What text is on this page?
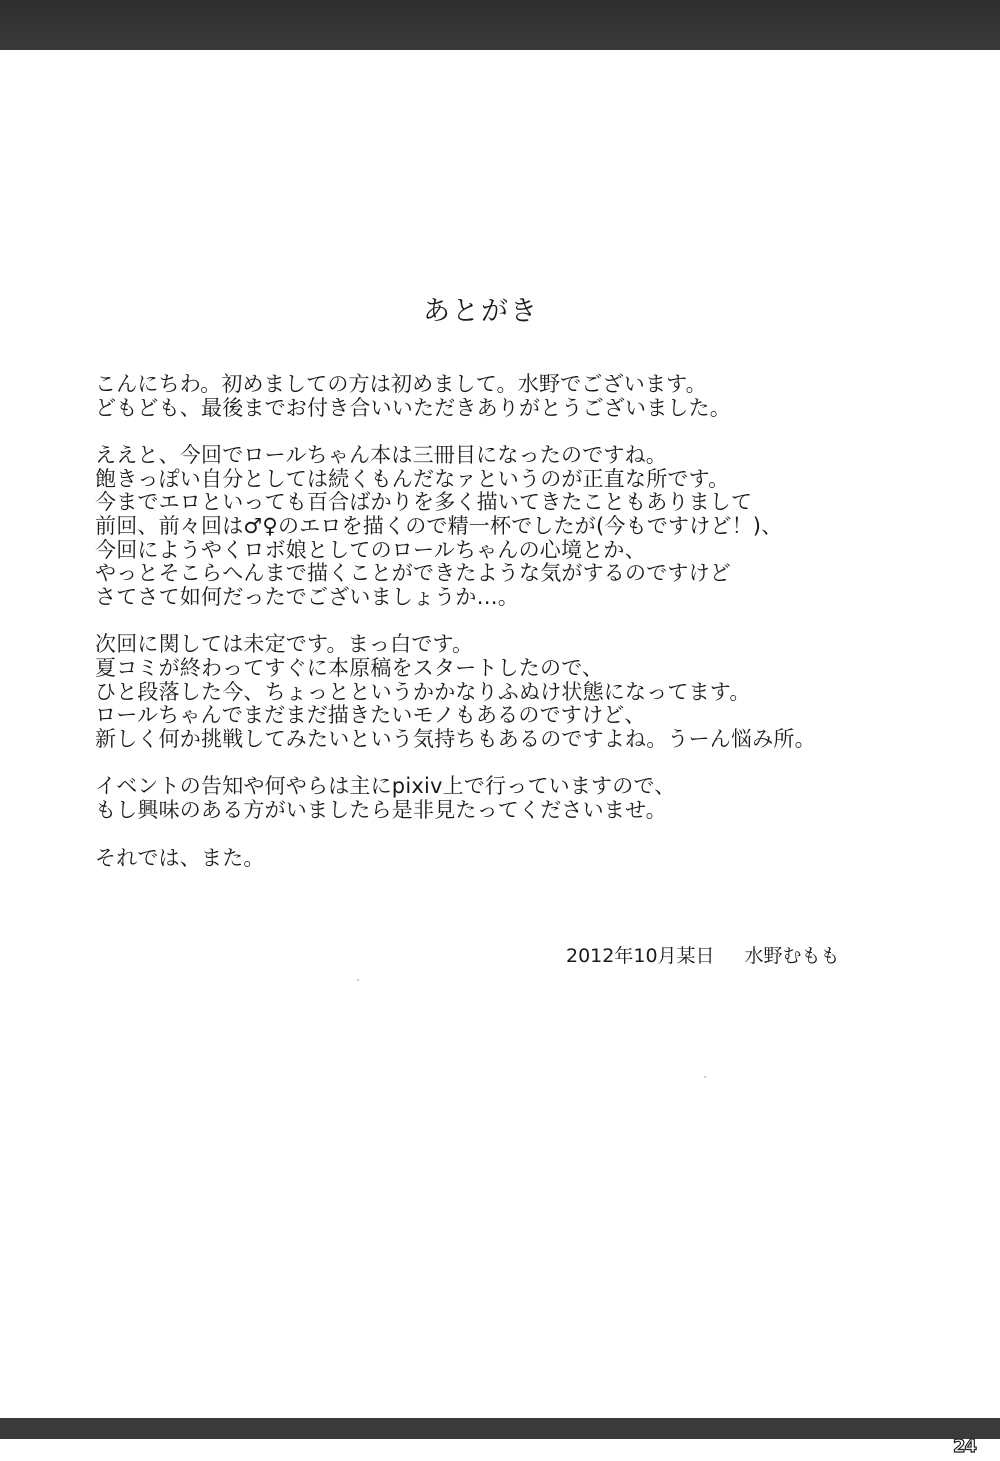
あとがき

こんにちわ。初めましての方は初めまして。水野でございます。
どもども、最後までお付き合いいただきありがとうございました。

ええと、今回でロールちゃん本は三冊目になったのですね。
飽きっぽい自分としては続くもんだなァというのが正直な所です。
今までエロといっても百合ばかりを多く描いてきたこともありまして
前回、前々回は♂♀のエロを描くので精一杯でしたが(今もですけど！)、
今回にようやくロボ娘としてのロールちゃんの心境とか、
やっとそこらへんまで描くことができたような気がするのですけど
さてさて如何だったでございましょうか…。

次回に関しては未定です。まっ白です。
夏コミが終わってすぐに本原稿をスタートしたので、
ひと段落した今、ちょっとというかかなりふぬけ状態になってます。
ロールちゃんでまだまだ描きたいモノもあるのですけど、
新しく何か挑戦してみたいという気持ちもあるのですよね。うーん悩み所。

イベントの告知や何やらは主にpixiv上で行っていますので、
もし興味のある方がいましたら是非見たってくださいませ。

それでは、また。

2012年10月某日 水野むもも
24
